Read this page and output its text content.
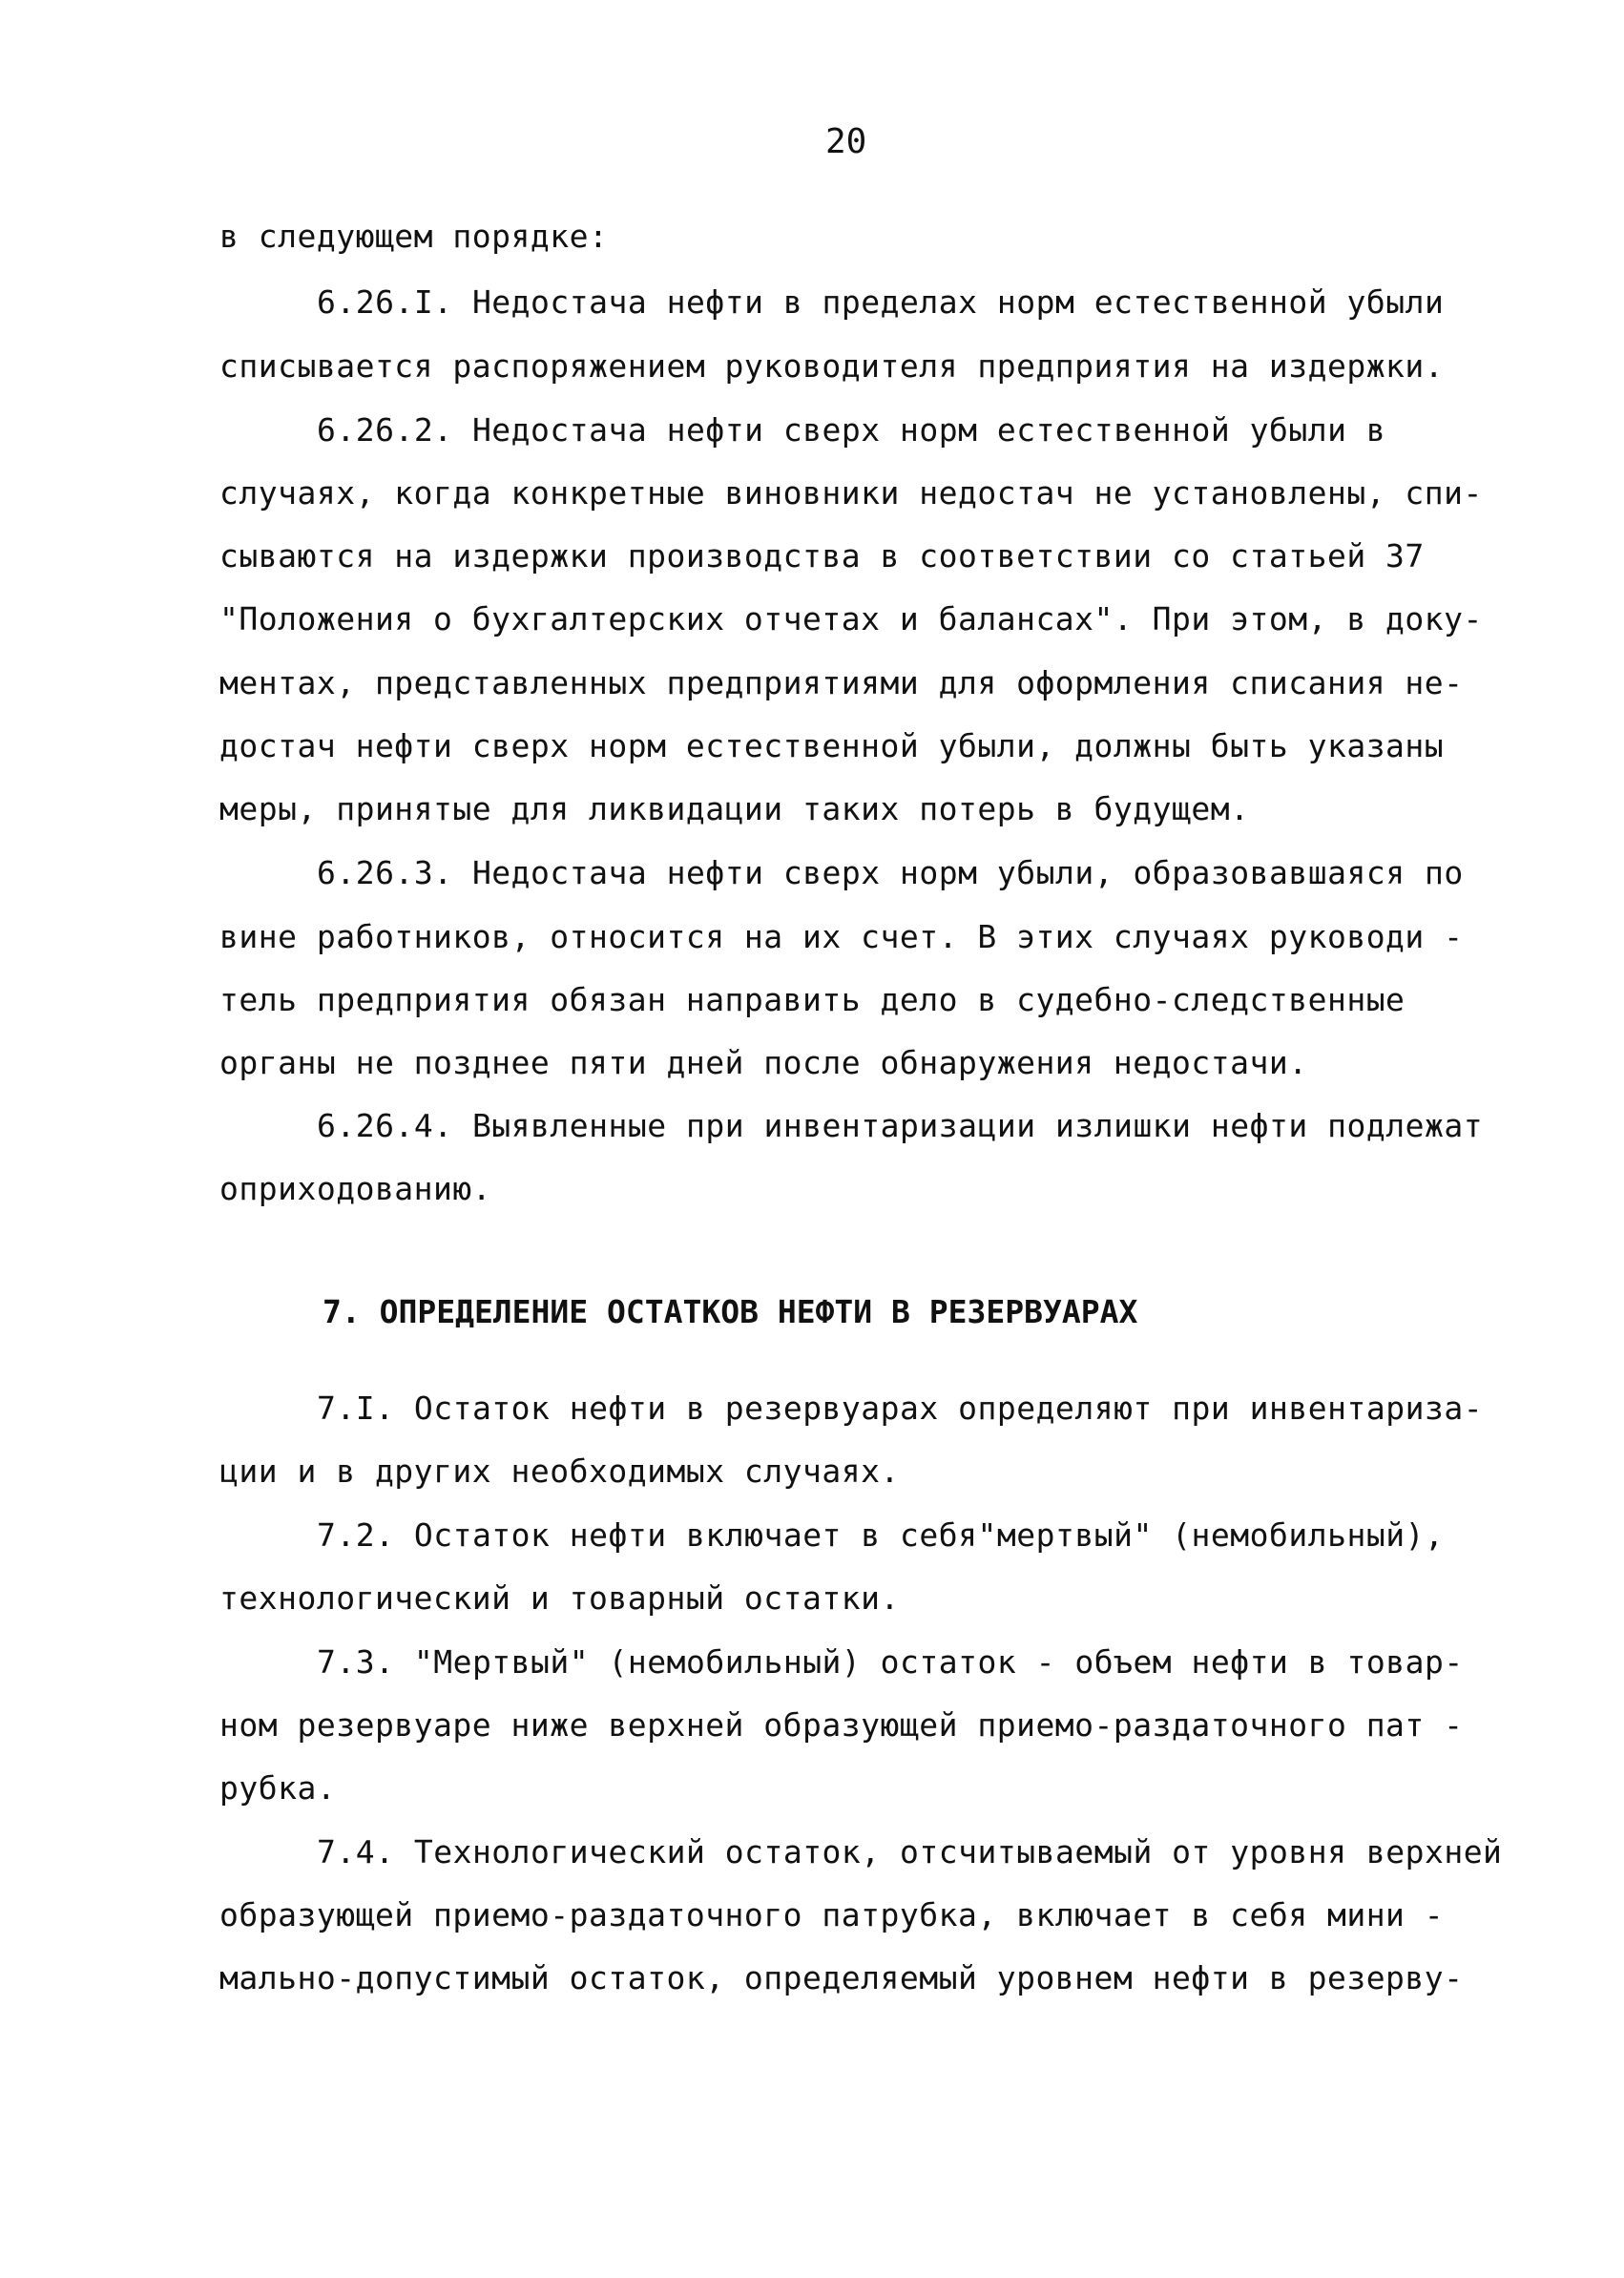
20
в следующем порядке:
6.26.I. Недостача нефти в пределах норм естественной убыли
списывается распоряжением руководителя предприятия на издержки.
6.26.2. Недостача нефти сверх норм естественной убыли в
случаях, когда конкретные виновники недостач не установлены, спи-
сываются на издержки производства в соответствии со статьей 37
"Положения о бухгалтерских отчетах и балансах". При этом, в доку-
ментах, представленных предприятиями для оформления списания не-
достач нефти сверх норм естественной убыли, должны быть указаны
меры, принятые для ликвидации таких потерь в будущем.
6.26.3. Недостача нефти сверх норм убыли, образовавшаяся по
вине работников, относится на их счет. В этих случаях руководи -
тель предприятия обязан направить дело в судебно-следственные
органы не позднее пяти дней после обнаружения недостачи.
6.26.4. Выявленные при инвентаризации излишки нефти подлежат
оприходованию.
7. ОПРЕДЕЛЕНИЕ ОСТАТКОВ НЕФТИ В РЕЗЕРВУАРАХ
7.I. Остаток нефти в резервуарах определяют при инвентариза-
ции и в других необходимых случаях.
7.2. Остаток нефти включает в себя"мертвый" (немобильный),
технологический и товарный остатки.
7.3. "Мертвый" (немобильный) остаток - объем нефти в товар-
ном резервуаре ниже верхней образующей приемо-раздаточного пат -
рубка.
7.4. Технологический остаток, отсчитываемый от уровня верхней
образующей приемо-раздаточного патрубка, включает в себя мини -
мально-допустимый остаток, определяемый уровнем нефти в резерву-
